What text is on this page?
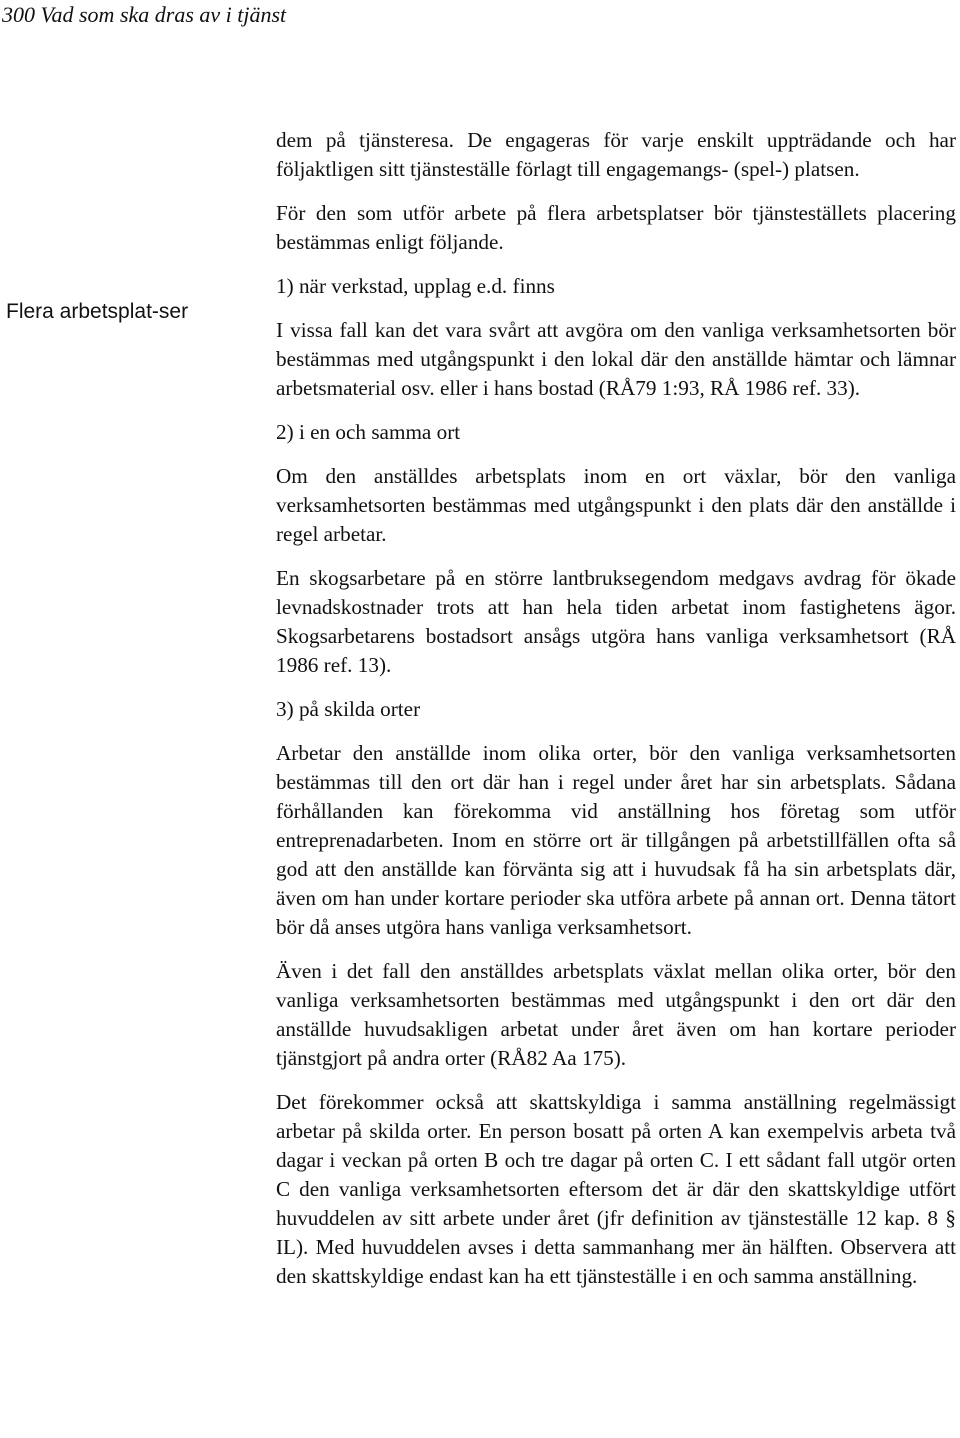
300 Vad som ska dras av i tjänst
Flera arbetsplat-ser

dem på tjänsteresa. De engageras för varje enskilt uppträdande och har följaktligen sitt tjänsteställe förlagt till engagemangs- (spel-) platsen.

För den som utför arbete på flera arbetsplatser bör tjänsteställets placering bestämmas enligt följande.

1) när verkstad, upplag e.d. finns

I vissa fall kan det vara svårt att avgöra om den vanliga verksamhetsorten bör bestämmas med utgångspunkt i den lokal där den anställde hämtar och lämnar arbetsmaterial osv. eller i hans bostad (RÅ79 1:93, RÅ 1986 ref. 33).

2) i en och samma ort

Om den anställdes arbetsplats inom en ort växlar, bör den vanliga verksamhetsorten bestämmas med utgångspunkt i den plats där den anställde i regel arbetar.

En skogsarbetare på en större lantbruksegendom medgavs avdrag för ökade levnadskostnader trots att han hela tiden arbetat inom fastighetens ägor. Skogsarbetarens bostadsort ansågs utgöra hans vanliga verksamhetsort (RÅ 1986 ref. 13).

3) på skilda orter

Arbetar den anställde inom olika orter, bör den vanliga verksamhetsorten bestämmas till den ort där han i regel under året har sin arbetsplats. Sådana förhållanden kan förekomma vid anställning hos företag som utför entreprenadarbeten. Inom en större ort är tillgången på arbetstillfällen ofta så god att den anställde kan förvänta sig att i huvudsak få ha sin arbetsplats där, även om han under kortare perioder ska utföra arbete på annan ort. Denna tätort bör då anses utgöra hans vanliga verksamhetsort.

Även i det fall den anställdes arbetsplats växlat mellan olika orter, bör den vanliga verksamhetsorten bestämmas med utgångspunkt i den ort där den anställde huvudsakligen arbetat under året även om han kortare perioder tjänstgjort på andra orter (RÅ82 Aa 175).

Det förekommer också att skattskyldiga i samma anställning regelmässigt arbetar på skilda orter. En person bosatt på orten A kan exempelvis arbeta två dagar i veckan på orten B och tre dagar på orten C. I ett sådant fall utgör orten C den vanliga verksamhetsorten eftersom det är där den skattskyldige utfört huvuddelen av sitt arbete under året (jfr definition av tjänsteställe 12 kap. 8 § IL). Med huvuddelen avses i detta sammanhang mer än hälften. Observera att den skattskyldige endast kan ha ett tjänsteställe i en och samma anställning.
